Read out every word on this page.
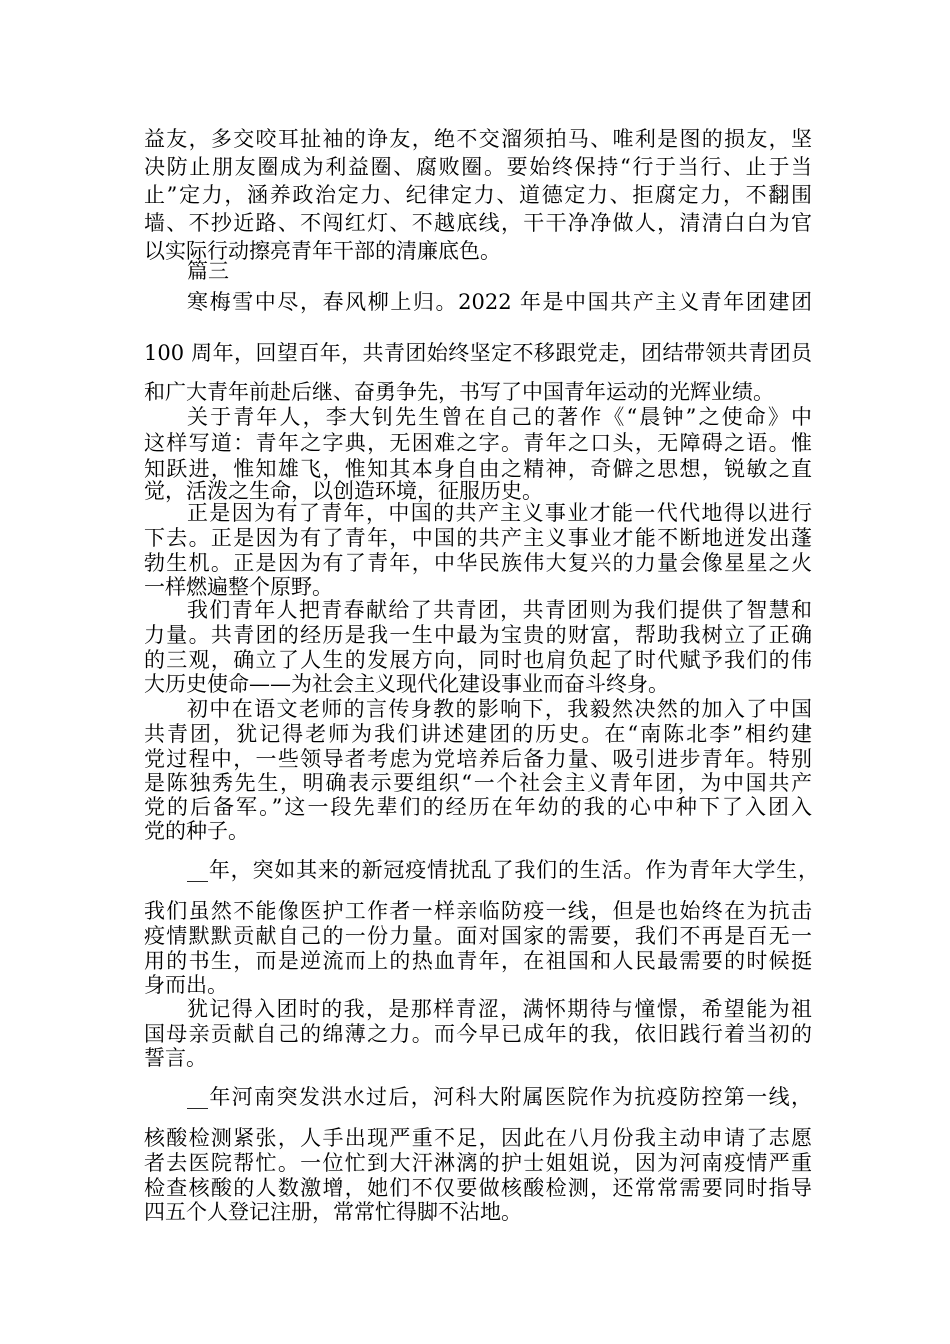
益友，多交咬耳扯袖的诤友，绝不交溜须拍马、唯利是图的损友，坚

决防止朋友圈成为利益圈、腐败圈。要始终保持“行于当行、止于当

止”定力，涵养政治定力、纪律定力、道德定力、拒腐定力，不翻围

墙、不抄近路、不闯红灯、不越底线，干干净净做人，清清白白为官

以实际行动擦亮青年干部的清廉底色。

篇三

寒梅雪中尽，春风柳上归。2022 年是中国共产主义青年团建团

100 周年，回望百年，共青团始终坚定不移跟党走，团结带领共青团员

和广大青年前赴后继、奋勇争先，书写了中国青年运动的光辉业绩。

关于青年人，李大钊先生曾在自己的著作《“晨钟”之使命》中

这样写道：青年之字典，无困难之字。青年之口头，无障碍之语。惟

知跃进，惟知雄飞，惟知其本身自由之精神，奇僻之思想，锐敏之直

觉，活泼之生命，以创造环境，征服历史。

正是因为有了青年，中国的共产主义事业才能一代代地得以进行

下去。正是因为有了青年，中国的共产主义事业才能不断地迸发出蓬

勃生机。正是因为有了青年，中华民族伟大复兴的力量会像星星之火

一样燃遍整个原野。

我们青年人把青春献给了共青团，共青团则为我们提供了智慧和

力量。共青团的经历是我一生中最为宝贵的财富，帮助我树立了正确

的三观，确立了人生的发展方向，同时也肩负起了时代赋予我们的伟

大历史使命——为社会主义现代化建设事业而奋斗终身。

初中在语文老师的言传身教的影响下，我毅然决然的加入了中国

共青团，犹记得老师为我们讲述建团的历史。在“南陈北李”相约建

党过程中，一些领导者考虑为党培养后备力量、吸引进步青年。特别

是陈独秀先生，明确表示要组织“一个社会主义青年团，为中国共产

党的后备军。”这一段先辈们的经历在年幼的我的心中种下了入团入

党的种子。

__年，突如其来的新冠疫情扰乱了我们的生活。作为青年大学生，

我们虽然不能像医护工作者一样亲临防疫一线，但是也始终在为抗击

疫情默默贡献自己的一份力量。面对国家的需要，我们不再是百无一

用的书生，而是逆流而上的热血青年，在祖国和人民最需要的时候挺

身而出。

犹记得入团时的我，是那样青涩，满怀期待与憧憬，希望能为祖

国母亲贡献自己的绵薄之力。而今早已成年的我，依旧践行着当初的

誓言。

__年河南突发洪水过后，河科大附属医院作为抗疫防控第一线，

核酸检测紧张，人手出现严重不足，因此在八月份我主动申请了志愿

者去医院帮忙。一位忙到大汗淋漓的护士姐姐说，因为河南疫情严重

检查核酸的人数激增，她们不仅要做核酸检测，还常常需要同时指导

四五个人登记注册，常常忙得脚不沾地。
